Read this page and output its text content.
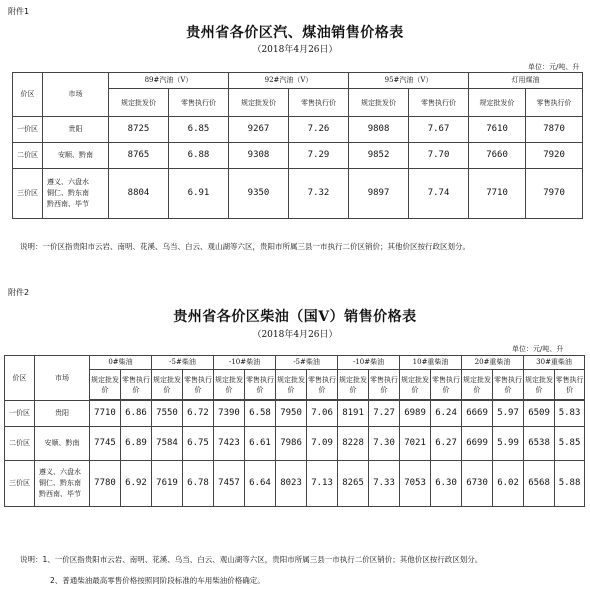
附件1
贵州省各价区汽、煤油销售价格表
（2018年4月26日）
单位：元/吨、升
价区	市场	89#汽油（Ⅴ）		92#汽油（Ⅴ）		95#汽油（Ⅴ）		灯用煤油	
		规定批发价	零售执行价	规定批发价	零售执行价	规定批发价	零售执行价	规定批发价	零售执行价
一价区	贵阳	8725	6.85	9267	7.26	9808	7.67	7610	7870
二价区	安顺、黔南	8765	6.88	9308	7.29	9852	7.70	7660	7920
三价区	遵义、六盘水
铜仁、黔东南
黔西南、毕节	8804	6.91	9350	7.32	9897	7.74	7710	7970
说明：一价区指贵阳市云岩、南明、花溪、乌当、白云、观山湖等六区，贵阳市所属三县一市执行二价区销价；其他价区按行政区划分。
附件2
贵州省各价区柴油（国Ⅴ）销售价格表
（2018年4月26日）
单位：元/吨、升
价区	市场	0#柴油		-5#柴油		-10#柴油		-5#柴油		-10#柴油		10#重柴油		20#重柴油		30#重柴油	
		规定批发价	零售执行价	规定批发价	零售执行价	规定批发价	零售执行价	规定批发价	零售执行价	规定批发价	零售执行价	规定批发价	零售执行价	规定批发价	零售执行价	规定批发价	零售执行价

一价区	贵阳	7710	6.86	7550	6.72	7390	6.58	7950	7.06	8191	7.27	6989	6.24	6669	5.97	6509	5.83
二价区	安顺、黔南	7745	6.89	7584	6.75	7423	6.61	7986	7.09	8228	7.30	7021	6.27	6699	5.99	6538	5.85
三价区	遵义、六盘水
铜仁、黔东南
黔西南、毕节	7780	6.92	7619	6.78	7457	6.64	8023	7.13	8265	7.33	7053	6.30	6730	6.02	6568	5.88
说明：1、一价区指贵阳市云岩、南明、花溪、乌当、白云、观山湖等六区，贵阳市所属三县一市执行二价区销价；其他价区按行政区划分。
2、普通柴油最高零售价格按照同阶段标准的车用柴油价格确定。
